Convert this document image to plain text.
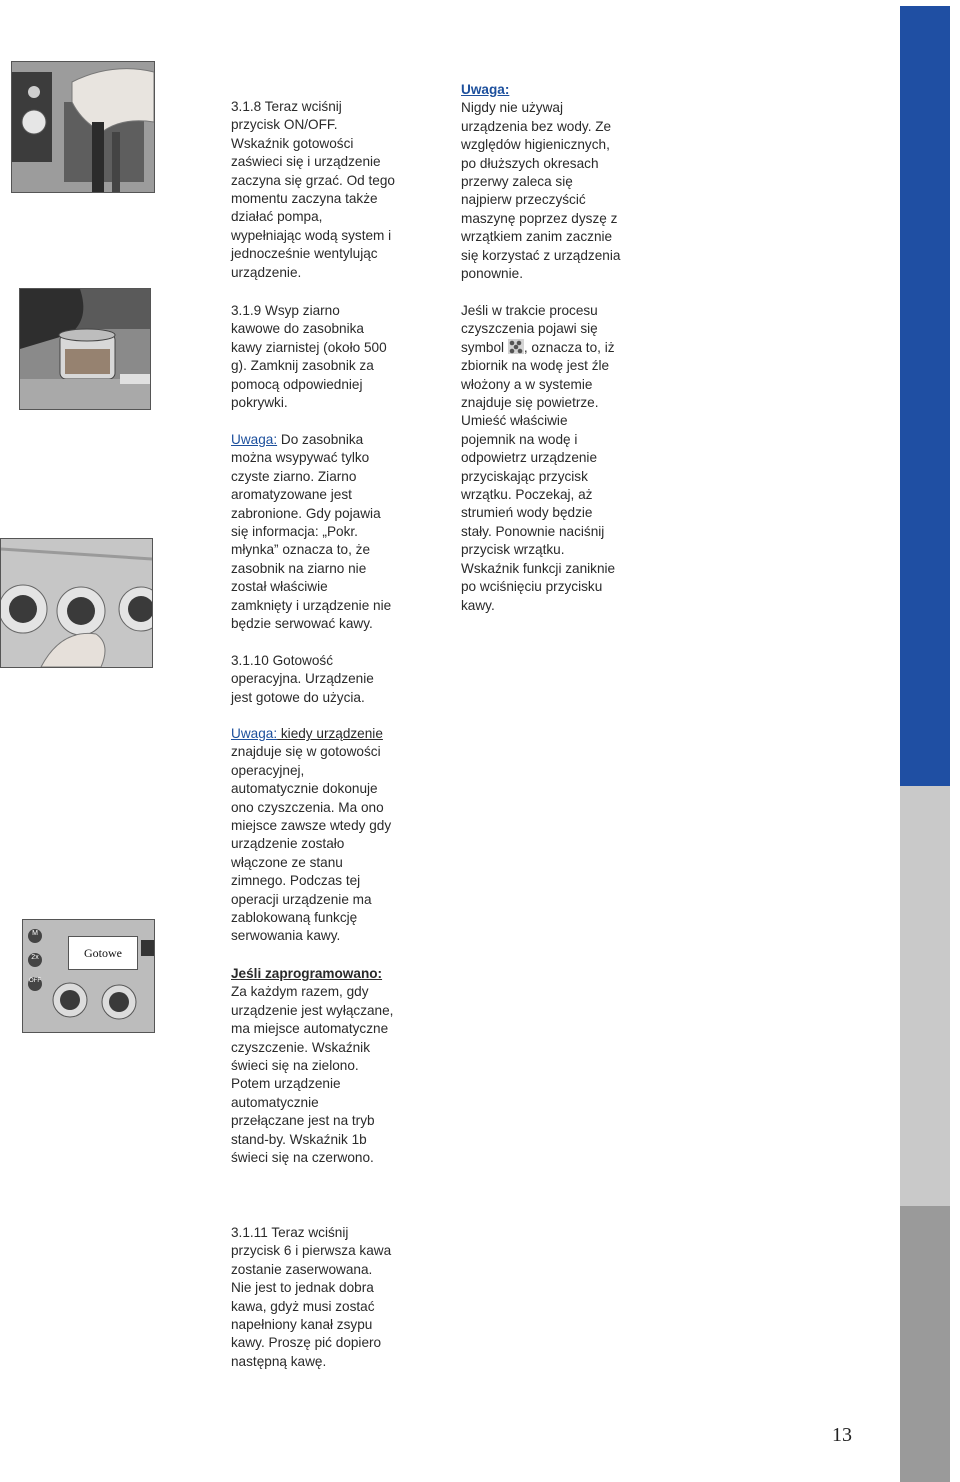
M
2x
OFF
Gotowe
3.1.8 Teraz wciśnij
przycisk ON/OFF.
Wskaźnik gotowości
zaświeci się i urządzenie
zaczyna się grzać. Od tego
momentu zaczyna także
działać pompa,
wypełniając wodą system i
jednocześnie wentylując
urządzenie.
3.1.9 Wsyp ziarno
kawowe do zasobnika
kawy ziarnistej (około 500
g). Zamknij zasobnik za
pomocą odpowiedniej
pokrywki.
Uwaga: Do zasobnika
można wsypywać tylko
czyste ziarno. Ziarno
aromatyzowane jest
zabronione. Gdy pojawia
się informacja: „Pokr.
młynka” oznacza to, że
zasobnik na ziarno nie
został właściwie
zamknięty i urządzenie nie
będzie serwować kawy.
3.1.10 Gotowość
operacyjna. Urządzenie
jest gotowe do użycia.
Uwaga: kiedy urządzenie
znajduje się w gotowości
operacyjnej,
automatycznie dokonuje
ono czyszczenia. Ma ono
miejsce zawsze wtedy gdy
urządzenie zostało
włączone ze stanu
zimnego. Podczas tej
operacji urządzenie ma
zablokowaną funkcję
serwowania kawy.
Jeśli zaprogramowano:
Za każdym razem, gdy
urządzenie jest wyłączane,
ma miejsce automatyczne
czyszczenie. Wskaźnik
świeci się na zielono.
Potem urządzenie
automatycznie
przełączane jest na tryb
stand-by. Wskaźnik 1b
świeci się na czerwono.
3.1.11 Teraz wciśnij
przycisk 6 i pierwsza kawa
zostanie zaserwowana.
Nie jest to jednak dobra
kawa, gdyż musi zostać
napełniony kanał zsypu
kawy. Proszę pić dopiero
następną kawę.
Uwaga:
Nigdy nie używaj
urządzenia bez wody. Ze
względów higienicznych,
po dłuższych okresach
przerwy zaleca się
najpierw przeczyścić
maszynę poprzez dyszę z
wrzątkiem zanim zacznie
się korzystać z urządzenia
ponownie.
Jeśli w trakcie procesu
czyszczenia pojawi się
symbol , oznacza to, iż
zbiornik na wodę jest źle
włożony a w systemie
znajduje się powietrze.
Umieść właściwie
pojemnik na wodę i
odpowietrz urządzenie
przyciskając przycisk
wrzątku. Poczekaj, aż
strumień wody będzie
stały. Ponownie naciśnij
przycisk wrzątku.
Wskaźnik funkcji zaniknie
po wciśnięciu przycisku
kawy.
13
